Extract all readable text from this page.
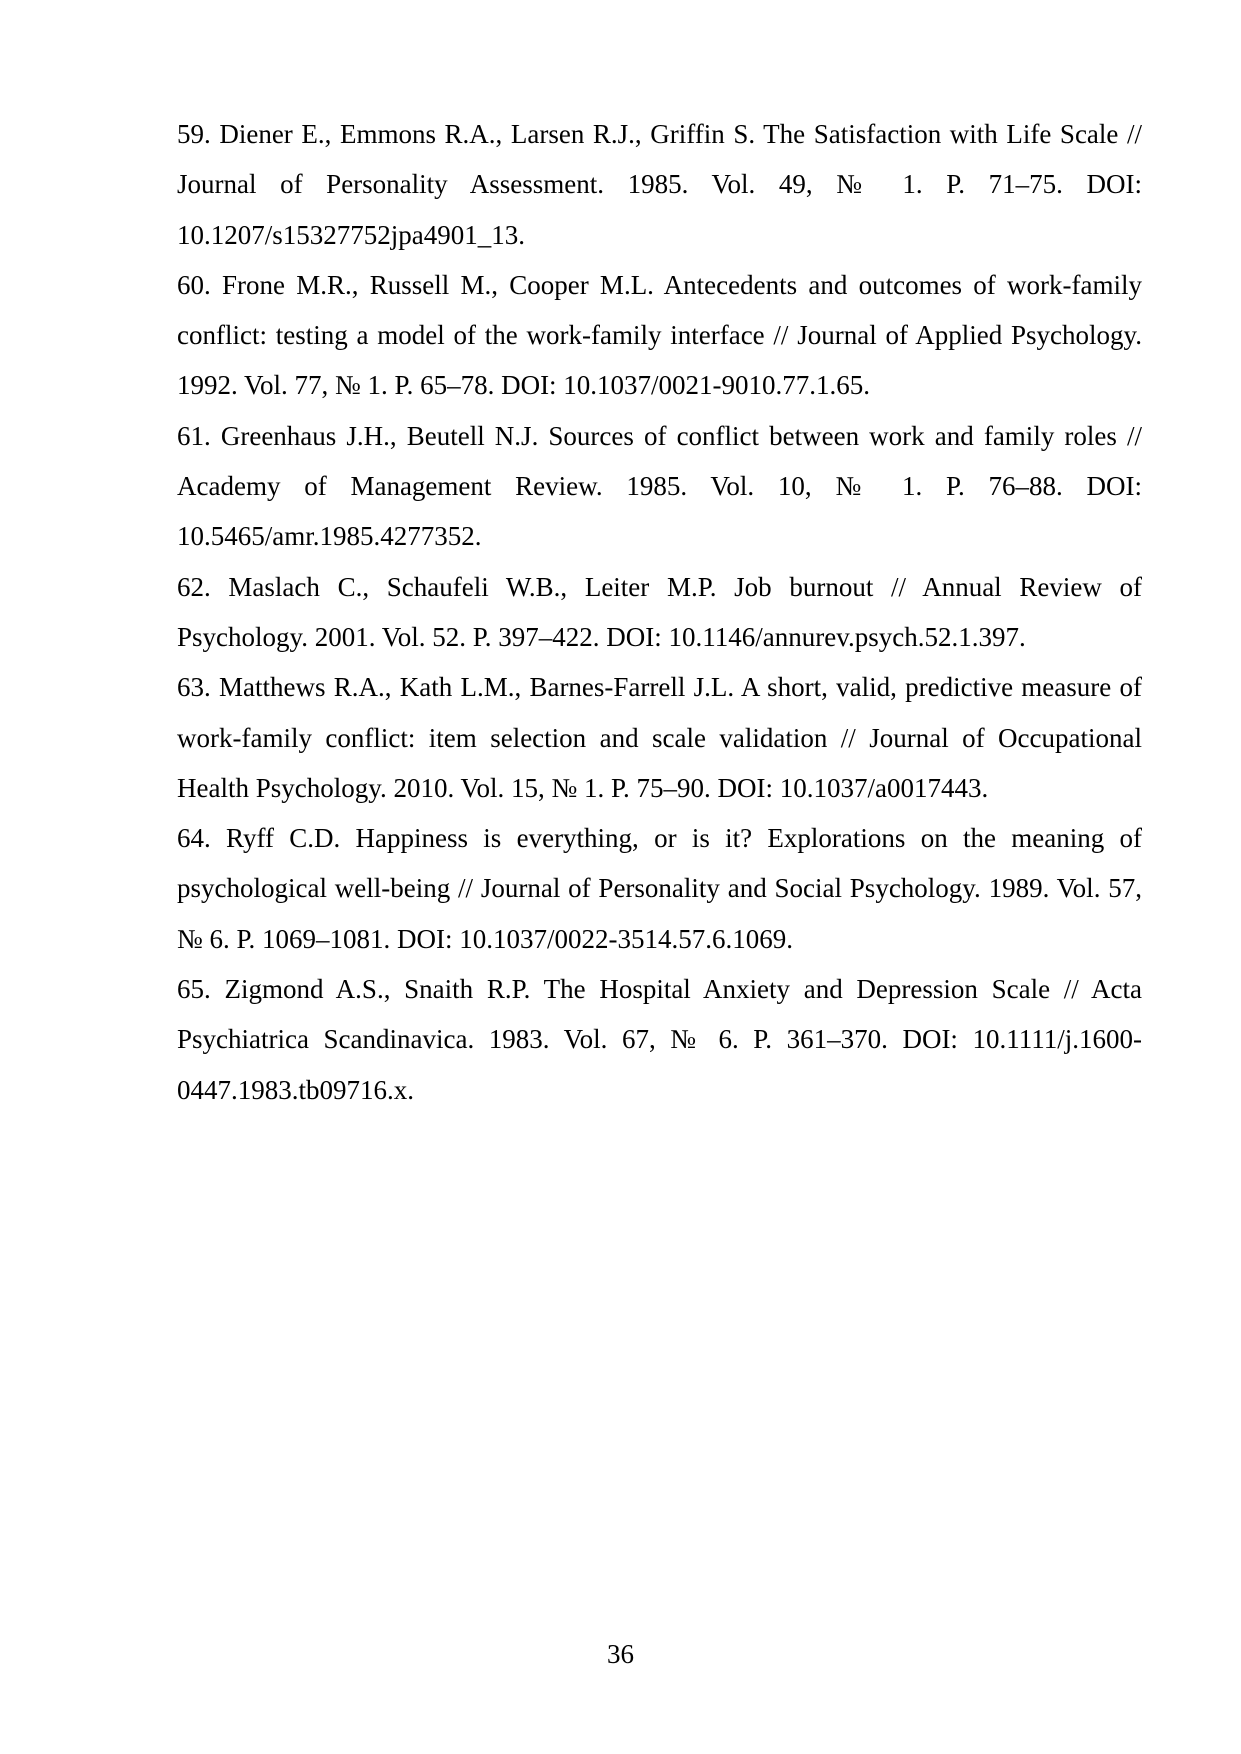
59. Diener E., Emmons R.A., Larsen R.J., Griffin S. The Satisfaction with Life Scale // Journal of Personality Assessment. 1985. Vol. 49, № 1. P. 71–75. DOI: 10.1207/s15327752jpa4901_13.
60. Frone M.R., Russell M., Cooper M.L. Antecedents and outcomes of work-family conflict: testing a model of the work-family interface // Journal of Applied Psychology. 1992. Vol. 77, № 1. P. 65–78. DOI: 10.1037/0021-9010.77.1.65.
61. Greenhaus J.H., Beutell N.J. Sources of conflict between work and family roles // Academy of Management Review. 1985. Vol. 10, № 1. P. 76–88. DOI: 10.5465/amr.1985.4277352.
62. Maslach C., Schaufeli W.B., Leiter M.P. Job burnout // Annual Review of Psychology. 2001. Vol. 52. P. 397–422. DOI: 10.1146/annurev.psych.52.1.397.
63. Matthews R.A., Kath L.M., Barnes-Farrell J.L. A short, valid, predictive measure of work-family conflict: item selection and scale validation // Journal of Occupational Health Psychology. 2010. Vol. 15, № 1. P. 75–90. DOI: 10.1037/a0017443.
64. Ryff C.D. Happiness is everything, or is it? Explorations on the meaning of psychological well-being // Journal of Personality and Social Psychology. 1989. Vol. 57, № 6. P. 1069–1081. DOI: 10.1037/0022-3514.57.6.1069.
65. Zigmond A.S., Snaith R.P. The Hospital Anxiety and Depression Scale // Acta Psychiatrica Scandinavica. 1983. Vol. 67, № 6. P. 361–370. DOI: 10.1111/j.1600-0447.1983.tb09716.x.
36
